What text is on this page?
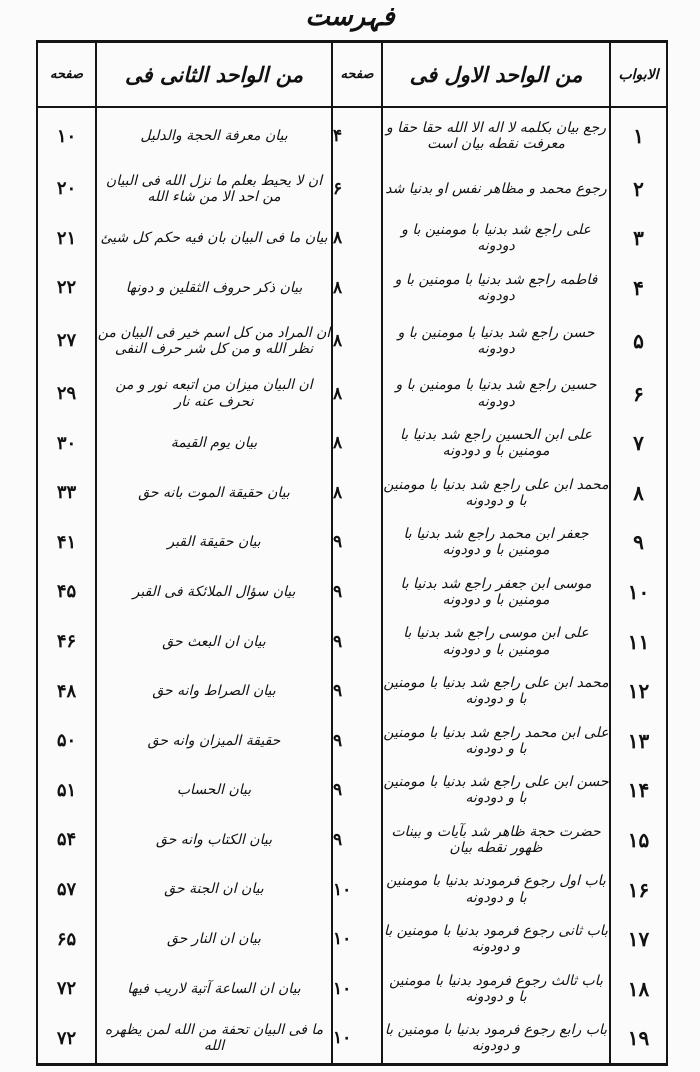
فہرست
الابواب	من الواحد الاول فی	صفحه	من الواحد الثانی فی	صفحه
١	رجع بیان بکلمه لا اله الا الله حقا حقا و معرفت نقطه بیان است	۴	بیان معرفة الحجة والدلیل	١٠
٢	رجوع محمد و مظاهر نفس او بدنیا شد	۶	ان لا یحیط بعلم ما نزل الله فی البیان من احد الا من شاء الله	٢٠
٣	علی راجع شد بدنیا با مومنین با و دودونه	٨	بیان ما فی البیان بان فیه حکم کل شیئ	٢١
۴	فاطمه راجع شد بدنیا با مومنین با و دودونه	٨	بیان ذکر حروف الثقلین و دونها	٢٢
۵	حسن راجع شد بدنیا با مومنین با و دودونه	٨	ان المراد من کل اسم خیر فی البیان من نظر الله و من کل شر حرف النفی	٢٧
۶	حسین راجع شد بدنیا با مومنین با و دودونه	٨	ان البیان میزان من اتبعه نور و من نحرف عنه نار	٢٩
٧	علی ابن الحسین راجع شد بدنیا با مومنین با و دودونه	٨	بیان یوم القیمة	٣٠
٨	محمد ابن علی راجع شد بدنیا با مومنین با و دودونه	٨	بیان حقیقة الموت بانه حق	٣٣
٩	جعفر ابن محمد راجع شد بدنیا با مومنین با و دودونه	٩	بیان حقیقة القبر	۴١
١٠	موسی ابن جعفر راجع شد بدنیا با مومنین با و دودونه	٩	بیان سؤال الملائکة فی القبر	۴۵
١١	علی ابن موسی راجع شد بدنیا با مومنین با و دودونه	٩	بیان ان البعث حق	۴۶
١٢	محمد ابن علی راجع شد بدنیا با مومنین با و دودونه	٩	بیان الصراط وانه حق	۴٨
١٣	علی ابن محمد راجع شد بدنیا با مومنین با و دودونه	٩	حقیقة المیزان وانه حق	۵٠
١۴	حسن ابن علی راجع شد بدنیا با مومنین با و دودونه	٩	بیان الحساب	۵١
١۵	حضرت حجة ظاهر شد بآیات و بینات ظهور نقطه بیان	٩	بیان الکتاب وانه حق	۵۴
١۶	باب اول رجوع فرمودند بدنیا با مومنین با و دودونه	١٠	بیان ان الجنة حق	۵٧
١٧	باب ثانی رجوع فرمود بدنیا با مومنین با و دودونه	١٠	بیان ان النار حق	۶۵
١٨	باب ثالث رجوع فرمود بدنیا با مومنین با و دودونه	١٠	بیان ان الساعة آتیة لاریب فیها	٧٢
١٩	باب رابع رجوع فرمود بدنیا با مومنین با و دودونه	١٠	ما فی البیان تحفة من الله لمن یظهره الله	٧٢
